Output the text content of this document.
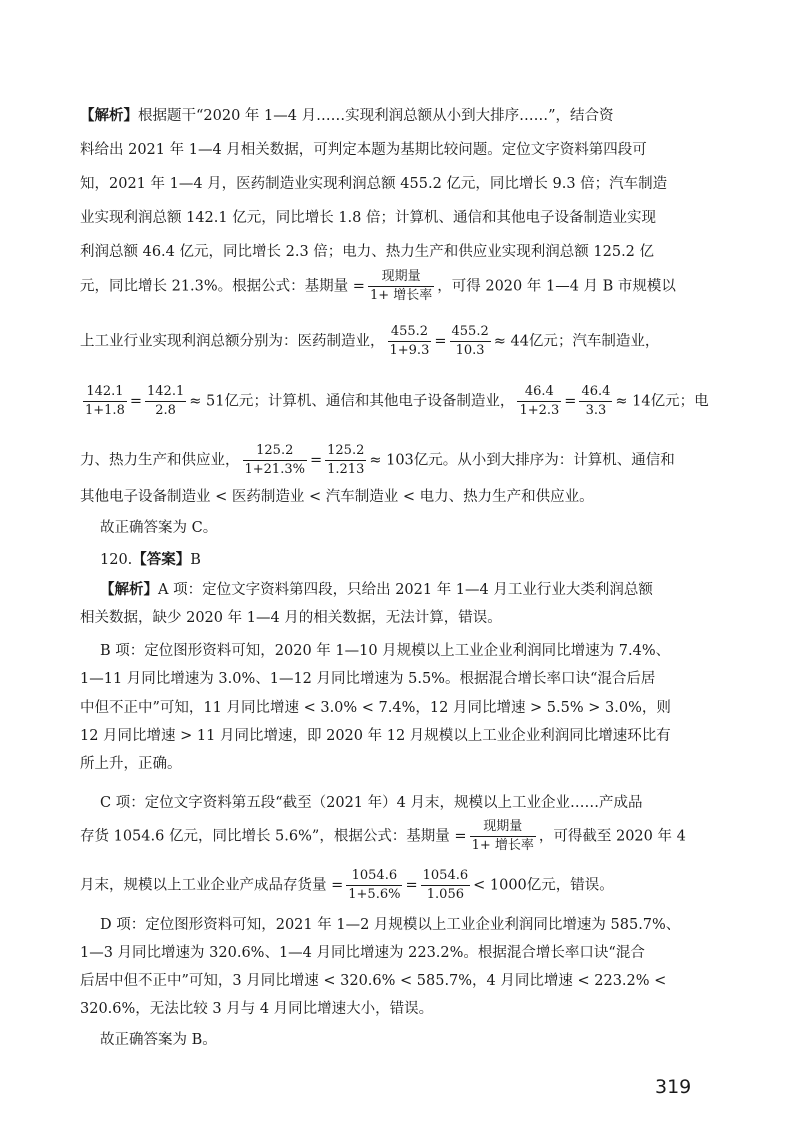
【解析】根据题干“2020 年 1—4 月……实现利润总额从小到大排序……”，结合资
料给出 2021 年 1—4 月相关数据，可判定本题为基期比较问题。定位文字资料第四段可
知，2021 年 1—4 月，医药制造业实现利润总额 455.2 亿元，同比增长 9.3 倍；汽车制造
业实现利润总额 142.1 亿元，同比增长 1.8 倍；计算机、通信和其他电子设备制造业实现
利润总额 46.4 亿元，同比增长 2.3 倍；电力、热力生产和供应业实现利润总额 125.2 亿
元，同比增长 21.3%。根据公式：基期量 = $\frac{\text{现期量}}{\text{1+ 增长率}}$ ，可得 2020 年 1—4 月 B 市规模以
上工业行业实现利润总额分别为：医药制造业， $\frac{455.2}{1+9.3} = \frac{455.2}{10.3} \approx 44$亿元；汽车制造业，
$\frac{142.1}{1+1.8} = \frac{142.1}{2.8} \approx 51$亿元；计算机、通信和其他电子设备制造业， $\frac{46.4}{1+2.3} = \frac{46.4}{3.3} \approx 14$亿元；电
力、热力生产和供应业， $\frac{125.2}{1+21.3\%} = \frac{125.2}{1.213} \approx 103$亿元。从小到大排序为：计算机、通信和
其他电子设备制造业 < 医药制造业 < 汽车制造业 < 电力、热力生产和供应业。
故正确答案为 C。
120.【答案】B
【解析】A 项：定位文字资料第四段，只给出 2021 年 1—4 月工业行业大类利润总额
相关数据，缺少 2020 年 1—4 月的相关数据，无法计算，错误。
B 项：定位图形资料可知，2020 年 1—10 月规模以上工业企业利润同比增速为 7.4%、
1—11 月同比增速为 3.0%、1—12 月同比增速为 5.5%。根据混合增长率口诀“混合后居
中但不正中”可知，11 月同比增速 < 3.0% < 7.4%，12 月同比增速 > 5.5% > 3.0%，则
12 月同比增速 > 11 月同比增速，即 2020 年 12 月规模以上工业企业利润同比增速环比有
所上升，正确。
C 项：定位文字资料第五段“截至（2021 年）4 月末，规模以上工业企业……产成品
存货 1054.6 亿元，同比增长 5.6%”，根据公式：基期量 = $\frac{\text{现期量}}{\text{1+ 增长率}}$ ，可得截至 2020 年 4
月末，规模以上工业企业产成品存货量 = $\frac{1054.6}{1+5.6\%} = \frac{1054.6}{1.056} < 1000$亿元，错误。
D 项：定位图形资料可知，2021 年 1—2 月规模以上工业企业利润同比增速为 585.7%、
1—3 月同比增速为 320.6%、1—4 月同比增速为 223.2%。根据混合增长率口诀“混合
后居中但不正中”可知，3 月同比增速 < 320.6% < 585.7%，4 月同比增速 < 223.2% <
320.6%，无法比较 3 月与 4 月同比增速大小，错误。
故正确答案为 B。
319
